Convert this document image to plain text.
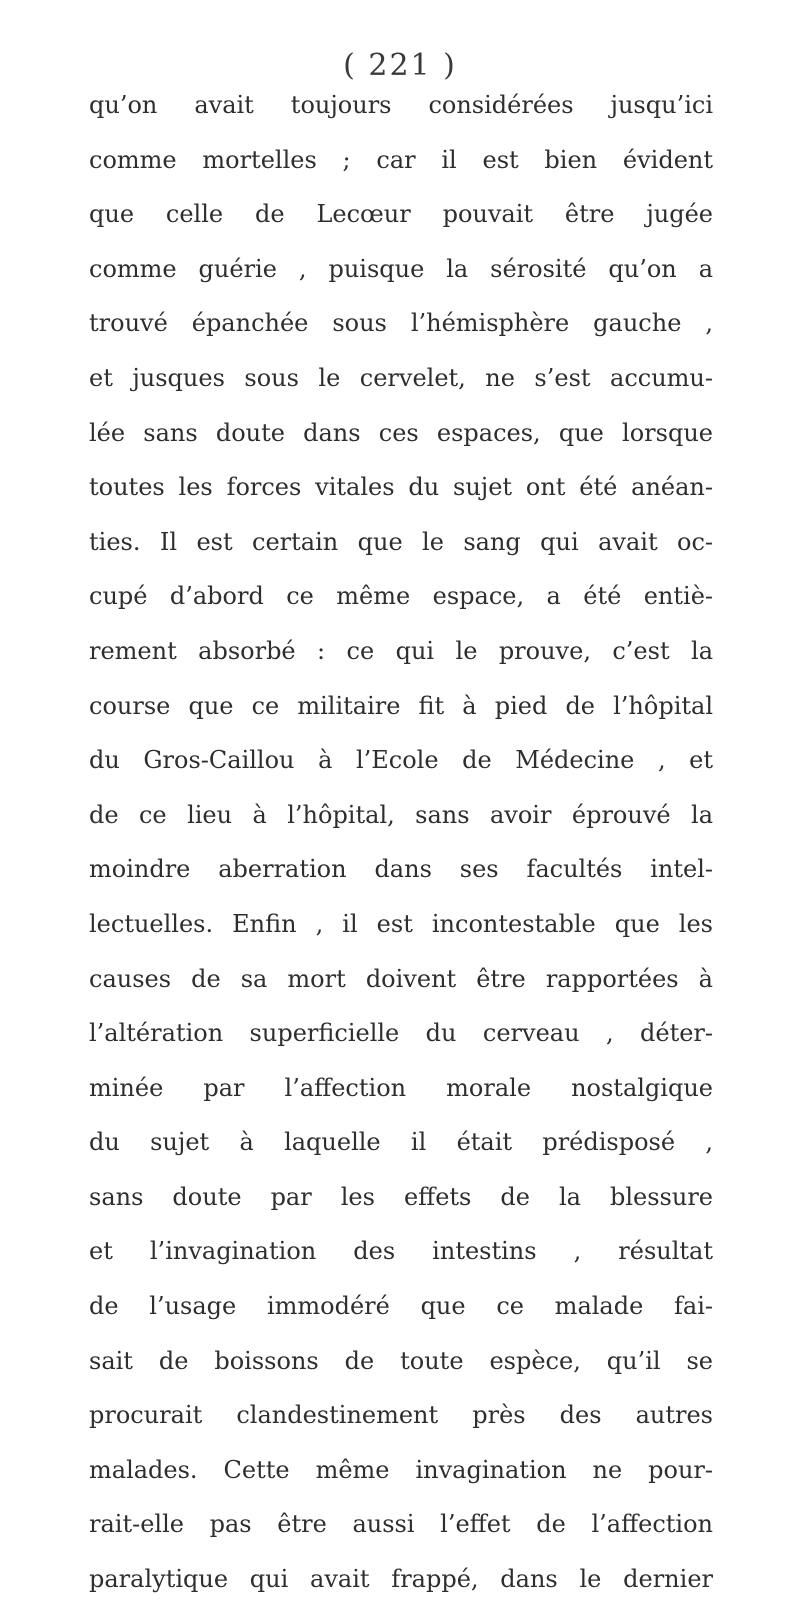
( 221 )
qu’on avait toujours considérées jusqu’ici
comme mortelles ; car il est bien évident
que celle de Lecœur pouvait être jugée
comme guérie , puisque la sérosité qu’on a
trouvé épanchée sous l’hémisphère gauche ,
et jusques sous le cervelet, ne s’est accumu-
lée sans doute dans ces espaces, que lorsque
toutes les forces vitales du sujet ont été anéan-
ties. Il est certain que le sang qui avait oc-
cupé d’abord ce même espace, a été entiè-
rement absorbé : ce qui le prouve, c’est la
course que ce militaire fit à pied de l’hôpital
du Gros-Caillou à l’Ecole de Médecine , et
de ce lieu à l’hôpital, sans avoir éprouvé la
moindre aberration dans ses facultés intel-
lectuelles. Enfin , il est incontestable que les
causes de sa mort doivent être rapportées à
l’altération superficielle du cerveau , déter-
minée par l’affection morale nostalgique
du sujet à laquelle il était prédisposé ,
sans doute par les effets de la blessure
et l’invagination des intestins , résultat
de l’usage immodéré que ce malade fai-
sait de boissons de toute espèce, qu’il se
procurait clandestinement près des autres
malades. Cette même invagination ne pour-
rait-elle pas être aussi l’effet de l’affection
paralytique qui avait frappé, dans le dernier
